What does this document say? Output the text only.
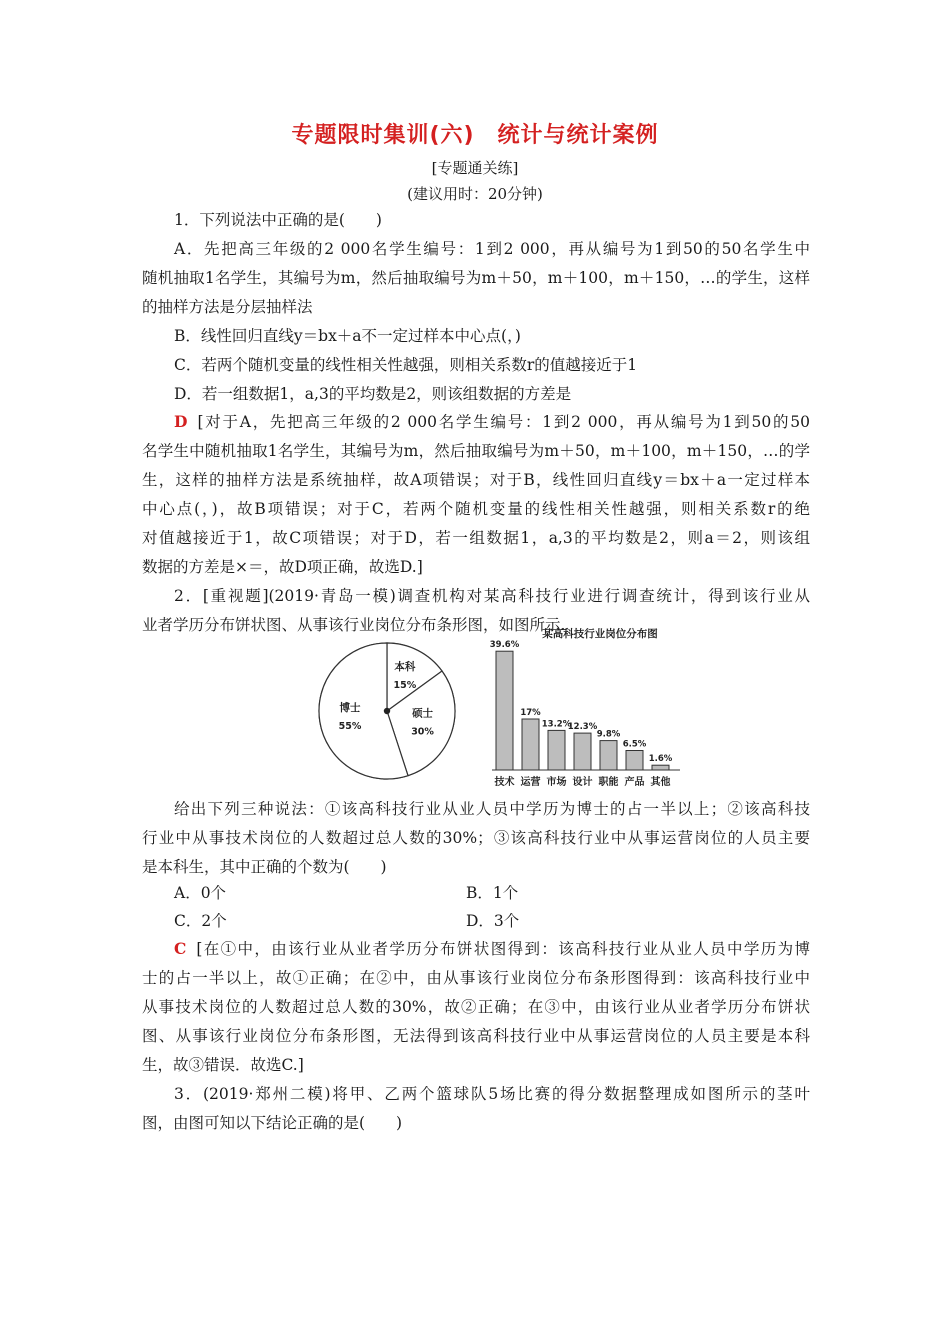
专题限时集训(六)　统计与统计案例
[专题通关练]
(建议用时：20分钟)
1．下列说法中正确的是(　　)
A．先把高三年级的2 000名学生编号：1到2 000，再从编号为1到50的50名学生中
随机抽取1名学生，其编号为m，然后抽取编号为m＋50，m＋100，m＋150，…的学生，这样
的抽样方法是分层抽样法
B．线性回归直线y＝bx＋a不一定过样本中心点(，)
C．若两个随机变量的线性相关性越强，则相关系数r的值越接近于1
D．若一组数据1，a,3的平均数是2，则该组数据的方差是
D [对于A，先把高三年级的2 000名学生编号：1到2 000，再从编号为1到50的50
名学生中随机抽取1名学生，其编号为m，然后抽取编号为m＋50，m＋100，m＋150，…的学
生，这样的抽样方法是系统抽样，故A项错误；对于B，线性回归直线y＝bx＋a一定过样本
中心点(，)，故B项错误；对于C，若两个随机变量的线性相关性越强，则相关系数r的绝
对值越接近于1，故C项错误；对于D，若一组数据1，a,3的平均数是2，则a＝2，则该组
数据的方差是×＝，故D项正确，故选D.]
2．[重视题](2019·青岛一模)调查机构对某高科技行业进行调查统计，得到该行业从
业者学历分布饼状图、从事该行业岗位分布条形图，如图所示.
本科
15%
硕士
30%
博士
55%
某高科技行业岗位分布图
39.6%
技术
17%
运营
13.2%
市场
12.3%
设计
9.8%
职能
6.5%
产品
1.6%
其他
给出下列三种说法：①该高科技行业从业人员中学历为博士的占一半以上；②该高科技
行业中从事技术岗位的人数超过总人数的30%；③该高科技行业中从事运营岗位的人员主要
是本科生，其中正确的个数为(　　)
A．0个	B．1个
C．2个	D．3个
C [在①中，由该行业从业者学历分布饼状图得到：该高科技行业从业人员中学历为博
士的占一半以上，故①正确；在②中，由从事该行业岗位分布条形图得到：该高科技行业中
从事技术岗位的人数超过总人数的30%，故②正确；在③中，由该行业从业者学历分布饼状
图、从事该行业岗位分布条形图，无法得到该高科技行业中从事运营岗位的人员主要是本科
生，故③错误．故选C.]
3．(2019·郑州二模)将甲、乙两个篮球队5场比赛的得分数据整理成如图所示的茎叶
图，由图可知以下结论正确的是(　　)
